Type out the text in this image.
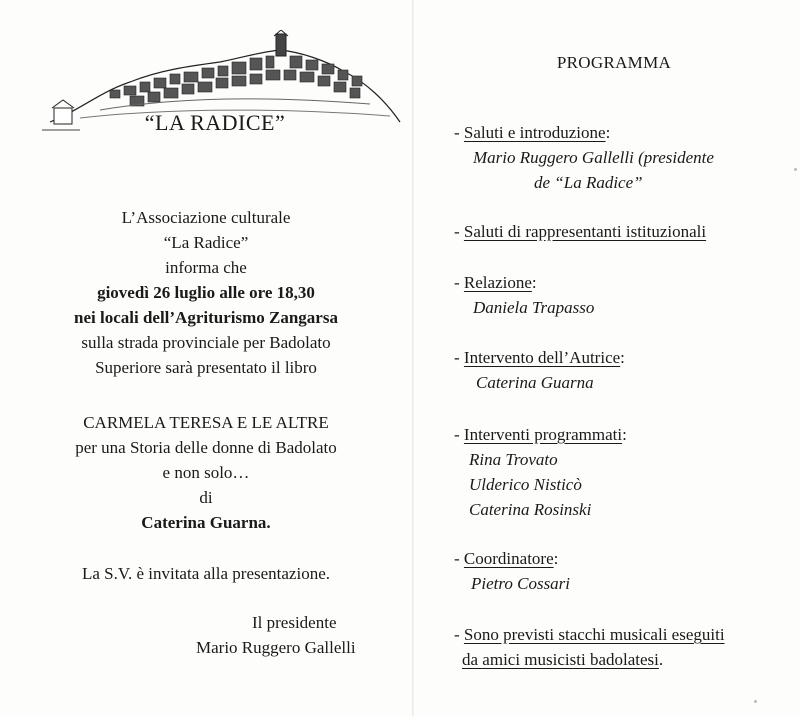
“LA RADICE”
L’Associazione culturale
“La Radice”
informa che
giovedì 26 luglio alle ore 18,30
nei locali dell’Agriturismo Zangarsa
sulla strada provinciale per Badolato
Superiore sarà presentato il libro
CARMELA TERESA E LE ALTRE
per una Storia delle donne di Badolato
e non solo…
di
Caterina Guarna.
La S.V. è invitata alla presentazione.
Il presidente
Mario Ruggero Gallelli
PROGRAMMA
- Saluti e introduzione:
Mario Ruggero Gallelli (presidente
de “La Radice”
- Saluti di rappresentanti istituzionali
- Relazione:
Daniela Trapasso
- Intervento dell’Autrice:
Caterina Guarna
- Interventi programmati:
Rina Trovato
Ulderico Nisticò
Caterina Rosinski
- Coordinatore:
Pietro Cossari
- Sono previsti stacchi musicali eseguiti
da amici musicisti badolatesi.
